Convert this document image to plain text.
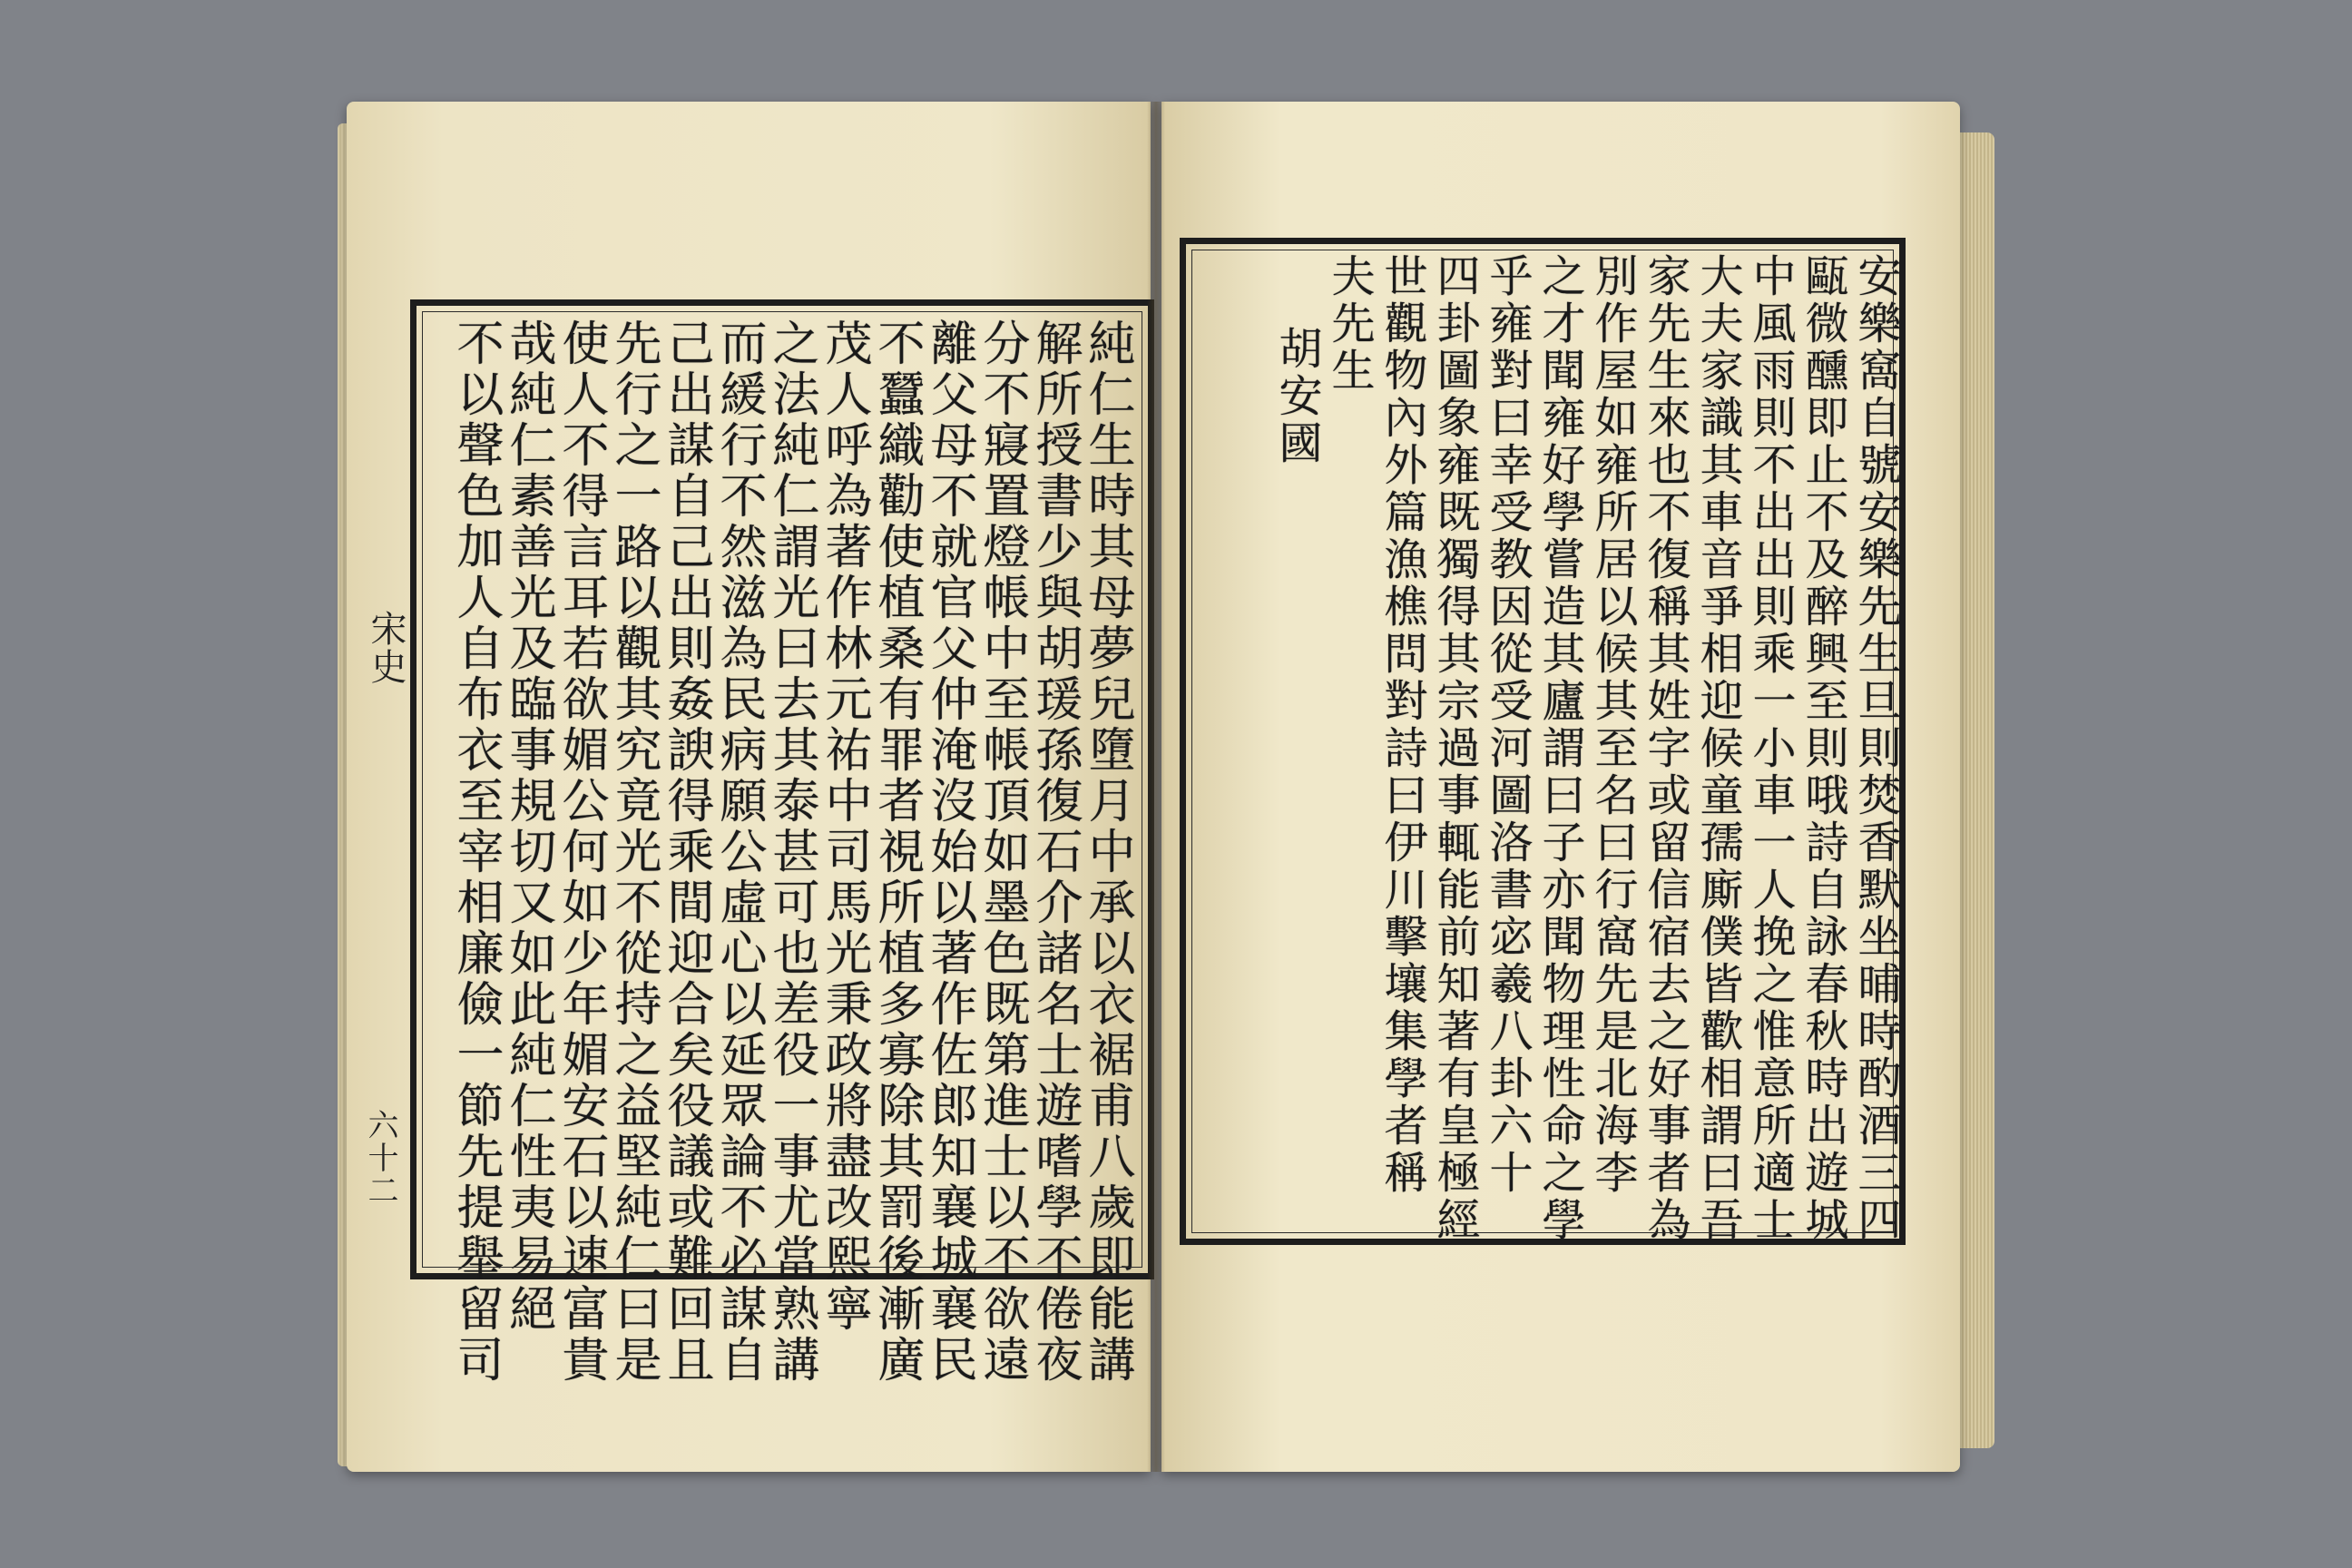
宋史
六十二	純仁生時其母夢兒墮月中承以衣裾甫八歲即能講
解所授書少與胡瑗孫復石介諸名士遊嗜學不倦夜
分不寢置燈帳中至帳頂如墨色既第進士以不欲遠
離父母不就官父仲淹沒始以著作佐郎知襄城襄民
不蠶織勸使植桑有罪者視所植多寡除其罰後漸廣
茂人呼為著作林元祐中司馬光秉政將盡改熙寧
之法純仁謂光曰去其泰甚可也差役一事尤當熟講
而緩行不然滋為民病願公虛心以延眾論不必謀自
己出謀自己出則姦諛得乘間迎合矣役議或難回且
先行之一路以觀其究竟光不從持之益堅純仁曰是
使人不得言耳若欲媚公何如少年媚安石以速富貴
哉純仁素善光及臨事規切又如此純仁性夷易絕
不以聲色加人自布衣至宰相廉儉一節先提舉留司	安樂窩自號安樂先生旦則焚香默坐晡時酌酒三四
甌微醺即止不及醉興至則哦詩自詠春秋時出遊城
中風雨則不出出則乘一小車一人挽之惟意所適士
大夫家識其車音爭相迎候童孺廝僕皆歡相謂曰吾
家先生來也不復稱其姓字或留信宿去之好事者為
別作屋如雍所居以候其至名曰行窩先是北海李
之才聞雍好學嘗造其廬謂曰子亦聞物理性命之學
乎雍對曰幸受教因從受河圖洛書宓羲八卦六十
四卦圖象雍既獨得其宗過事輒能前知著有皇極經
世觀物內外篇漁樵問對詩曰伊川擊壤集學者稱
夫先生
胡安國
